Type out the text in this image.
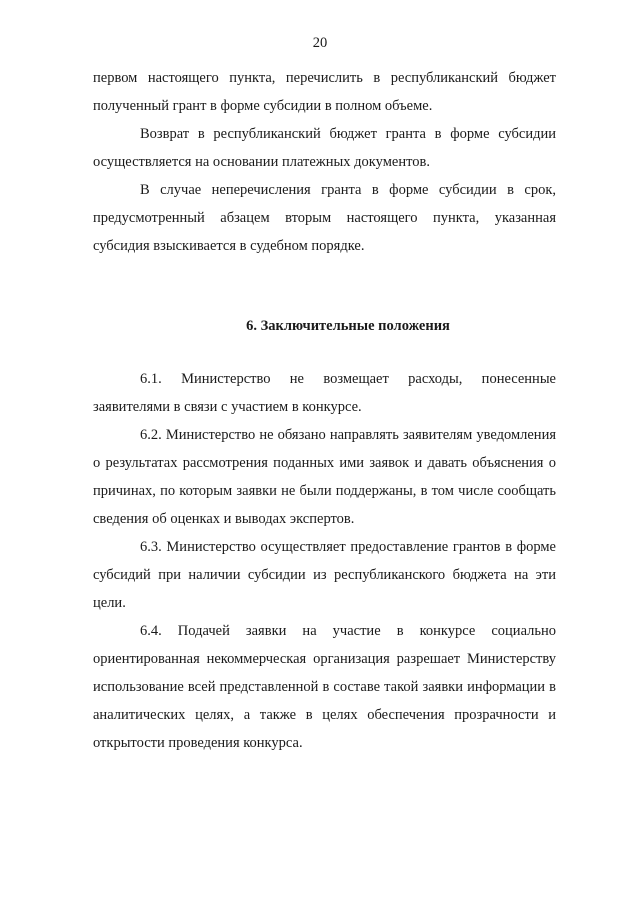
20

первом настоящего пункта, перечислить в республиканский бюджет полученный грант в форме субсидии в полном объеме.

Возврат в республиканский бюджет гранта в форме субсидии осуществляется на основании платежных документов.

В случае неперечисления гранта в форме субсидии в срок, предусмотренный абзацем вторым настоящего пункта, указанная субсидия взыскивается в судебном порядке.

6. Заключительные положения

6.1. Министерство не возмещает расходы, понесенные заявителями в связи с участием в конкурсе.

6.2. Министерство не обязано направлять заявителям уведомления о результатах рассмотрения поданных ими заявок и давать объяснения о причинах, по которым заявки не были поддержаны, в том числе сообщать сведения об оценках и выводах экспертов.

6.3. Министерство осуществляет предоставление грантов в форме субсидий при наличии субсидии из республиканского бюджета на эти цели.

6.4. Подачей заявки на участие в конкурсе социально ориентированная некоммерческая организация разрешает Министерству использование всей представленной в составе такой заявки информации в аналитических целях, а также в целях обеспечения прозрачности и открытости проведения конкурса.
